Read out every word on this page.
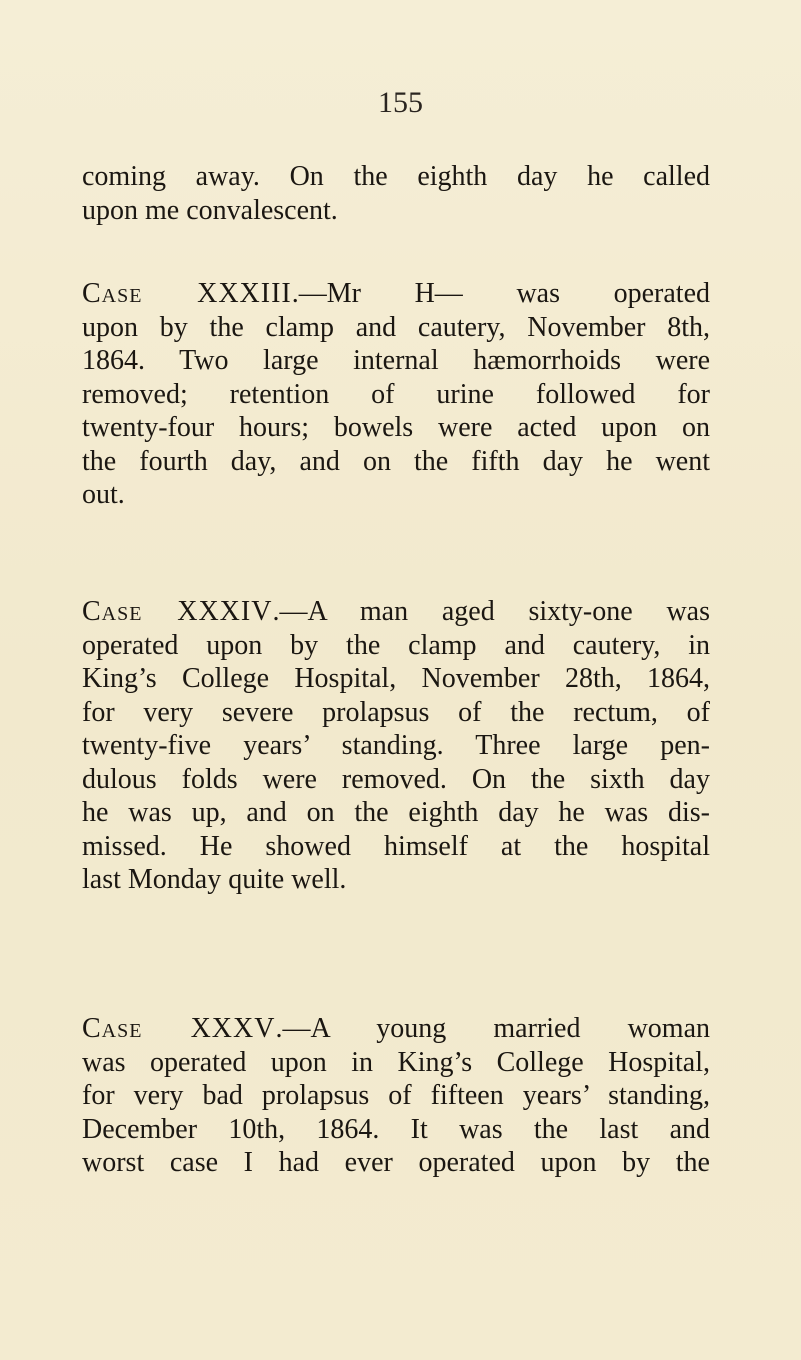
155
coming away. On the eighth day he called
upon me convalescent.
Case XXXIII.—Mr H— was operated
upon by the clamp and cautery, November 8th,
1864. Two large internal hæmorrhoids were
removed; retention of urine followed for
twenty-four hours; bowels were acted upon on
the fourth day, and on the fifth day he went
out.
Case XXXIV.—A man aged sixty-one was
operated upon by the clamp and cautery, in
King’s College Hospital, November 28th, 1864,
for very severe prolapsus of the rectum, of
twenty-five years’ standing. Three large pen-
dulous folds were removed. On the sixth day
he was up, and on the eighth day he was dis-
missed. He showed himself at the hospital
last Monday quite well.
Case XXXV.—A young married woman
was operated upon in King’s College Hospital,
for very bad prolapsus of fifteen years’ standing,
December 10th, 1864. It was the last and
worst case I had ever operated upon by the
